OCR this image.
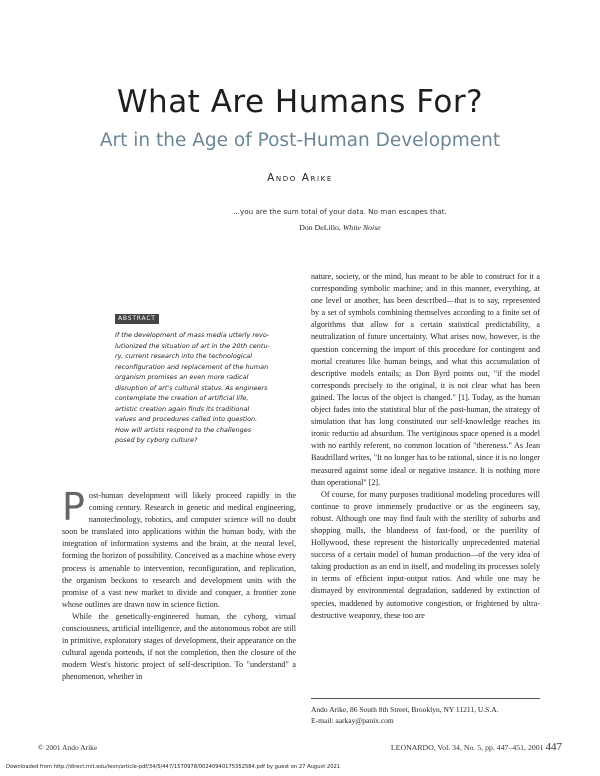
What Are Humans For?
Art in the Age of Post-Human Development
Ando Arike
...you are the sum total of your data. No man escapes that.
Don DeLillo, White Noise
ABSTRACT
If the development of mass media utterly revo-
lutionized the situation of art in the 20th centu-
ry, current research into the technological
reconfiguration and replacement of the human
organism promises an even more radical
disruption of art's cultural status. As engineers
contemplate the creation of artificial life,
artistic creation again finds its traditional
values and procedures called into question.
How will artists respond to the challenges
posed by cyborg culture?

Post-human development will likely proceed rapidly in the coming century. Research in genetic and medical engineering, nanotechnology, robotics, and computer science will no doubt soon be translated into applications within the human body, with the integration of information systems and the brain, at the neural level, forming the horizon of possibility. Conceived as a machine whose every process is amenable to intervention, reconfiguration, and replication, the organism beckons to research and development units with the promise of a vast new market to divide and conquer, a frontier zone whose outlines are drawn now in science fiction.

While the genetically-engineered human, the cyborg, virtual consciousness, artificial intelligence, and the autonomous robot are still in primitive, exploratory stages of development, their appearance on the cultural agenda portends, if not the completion, then the closure of the modern West's historic project of self-description. To "understand" a phenomenon, whether in

nature, society, or the mind, has meant to be able to construct for it a corresponding symbolic machine; and in this manner, everything, at one level or another, has been described—that is to say, represented by a set of symbols combining themselves according to a finite set of algorithms that allow for a certain statistical predictability, a neutralization of future uncertainty. What arises now, however, is the question concerning the import of this procedure for contingent and mortal creatures like human beings, and what this accumulation of descriptive models entails; as Don Byrd points out, "if the model corresponds precisely to the original, it is not clear what has been gained. The locus of the object is changed." [1]. Today, as the human object fades into the statistical blur of the post-human, the strategy of simulation that has long constituted our self-knowledge reaches its ironic reductio ad absurdum. The vertiginous space opened is a model with no earthly referent, no common location of "thereness." As Jean Baudrillard writes, "It no longer has to be rational, since it is no longer measured against some ideal or negative instance. It is nothing more than operational" [2].

Of course, for many purposes traditional modeling procedures will continue to prove immensely productive or as the engineers say, robust. Although one may find fault with the sterility of suburbs and shopping malls, the blandness of fast-food, or the puerility of Hollywood, these represent the historically unprecedented material success of a certain model of human production—of the very idea of taking production as an end in itself, and modeling its processes solely in terms of efficient input-output ratios. And while one may be dismayed by environmental degradation, saddened by extinction of species, maddened by automotive congestion, or frightened by ultra-destructive weaponry, these too are

Ando Arike, 86 South 8th Street, Brooklyn, NY 11211, U.S.A.
E-mail: aarkay@panix.com
© 2001 Ando Arike	LEONARDO, Vol. 34, No. 5, pp. 447–451, 2001 447
Downloaded from http://direct.mit.edu/leon/article-pdf/34/5/447/1570978/00240940175352584.pdf by guest on 27 August 2021
